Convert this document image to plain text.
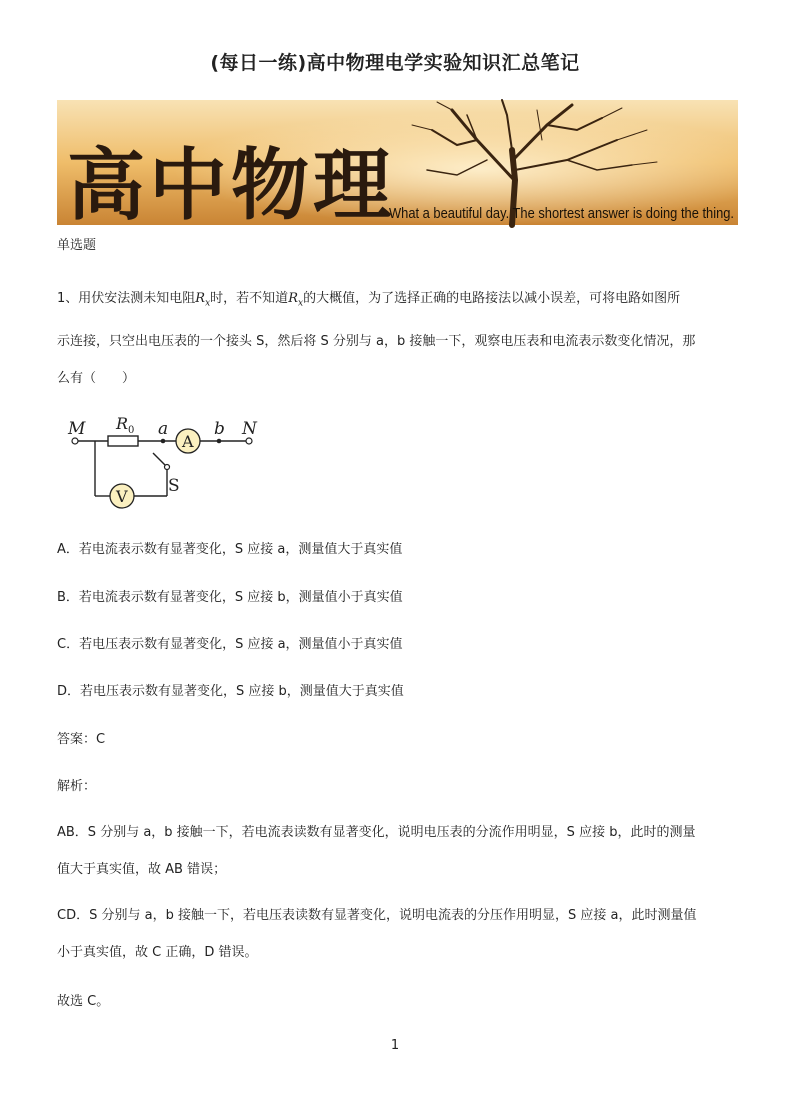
(每日一练)高中物理电学实验知识汇总笔记
高中物理
What a beautiful day. The shortest answer is doing the thing.
单选题
1、用伏安法测未知电阻$R_x$时，若不知道$R_x$的大概值，为了选择正确的电路接法以减小误差，可将电路如图所
示连接，只空出电压表的一个接头 S，然后将 S 分别与 a，b 接触一下，观察电压表和电流表示数变化情况，那
么有（　　）
M R 0 a	b N
A
V
S
A．若电流表示数有显著变化，S 应接 a，测量值大于真实值
B．若电流表示数有显著变化，S 应接 b，测量值小于真实值
C．若电压表示数有显著变化，S 应接 a，测量值小于真实值
D．若电压表示数有显著变化，S 应接 b，测量值大于真实值
答案：C
解析：
AB．S 分别与 a，b 接触一下，若电流表读数有显著变化，说明电压表的分流作用明显，S 应接 b，此时的测量
值大于真实值，故 AB 错误；
CD．S 分别与 a，b 接触一下，若电压表读数有显著变化，说明电流表的分压作用明显，S 应接 a，此时测量值
小于真实值，故 C 正确，D 错误。
故选 C。
1
